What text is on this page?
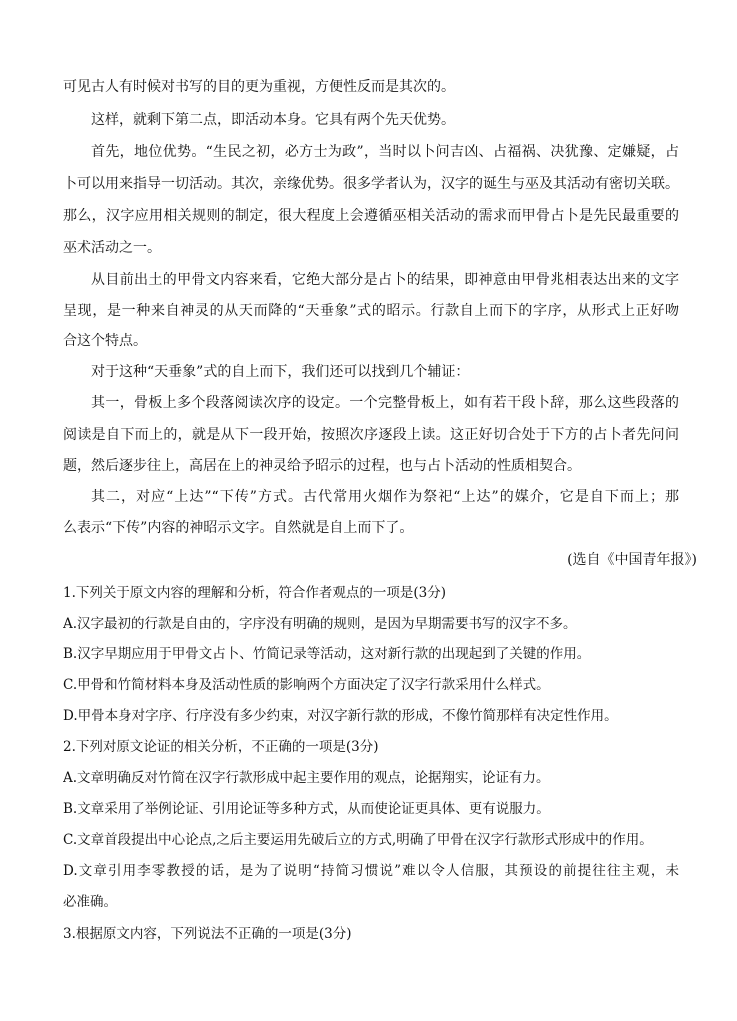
可见古人有时候对书写的目的更为重视，方便性反而是其次的。
这样，就剩下第二点，即活动本身。它具有两个先天优势。
首先，地位优势。“生民之初，必方士为政”，当时以卜问吉凶、占福祸、决犹豫、定嫌疑，占
卜可以用来指导一切活动。其次，亲缘优势。很多学者认为，汉字的诞生与巫及其活动有密切关联。
那么，汉字应用相关规则的制定，很大程度上会遵循巫相关活动的需求而甲骨占卜是先民最重要的
巫术活动之一。
从目前出土的甲骨文内容来看，它绝大部分是占卜的结果，即神意由甲骨兆相表达出来的文字
呈现，是一种来自神灵的从天而降的“天垂象”式的昭示。行款自上而下的字序，从形式上正好吻
合这个特点。
对于这种“天垂象”式的自上而下，我们还可以找到几个辅证：
其一，骨板上多个段落阅读次序的设定。一个完整骨板上，如有若干段卜辞，那么这些段落的
阅读是自下而上的，就是从下一段开始，按照次序逐段上读。这正好切合处于下方的占卜者先问问
题，然后逐步往上，高居在上的神灵给予昭示的过程，也与占卜活动的性质相契合。
其二，对应“上达”“下传”方式。古代常用火烟作为祭祀“上达”的媒介，它是自下而上；那
么表示“下传”内容的神昭示文字。自然就是自上而下了。
(选自《中国青年报》)
1.下列关于原文内容的理解和分析，符合作者观点的一项是(3分)
A.汉字最初的行款是自由的，字序没有明确的规则，是因为早期需要书写的汉字不多。
B.汉字早期应用于甲骨文占卜、竹简记录等活动，这对新行款的出现起到了关键的作用。
C.甲骨和竹简材料本身及活动性质的影响两个方面决定了汉字行款采用什么样式。
D.甲骨本身对字序、行序没有多少约束，对汉字新行款的形成，不像竹简那样有决定性作用。
2.下列对原文论证的相关分析，不正确的一项是(3分)
A.文章明确反对竹简在汉字行款形成中起主要作用的观点，论据翔实，论证有力。
B.文章采用了举例论证、引用论证等多种方式，从而使论证更具体、更有说服力。
C.文章首段提出中心论点,之后主要运用先破后立的方式,明确了甲骨在汉字行款形式形成中的作用。
D.文章引用李零教授的话，是为了说明“持简习惯说”难以令人信服，其预设的前提往往主观，未
必准确。
3.根据原文内容，下列说法不正确的一项是(3分)
